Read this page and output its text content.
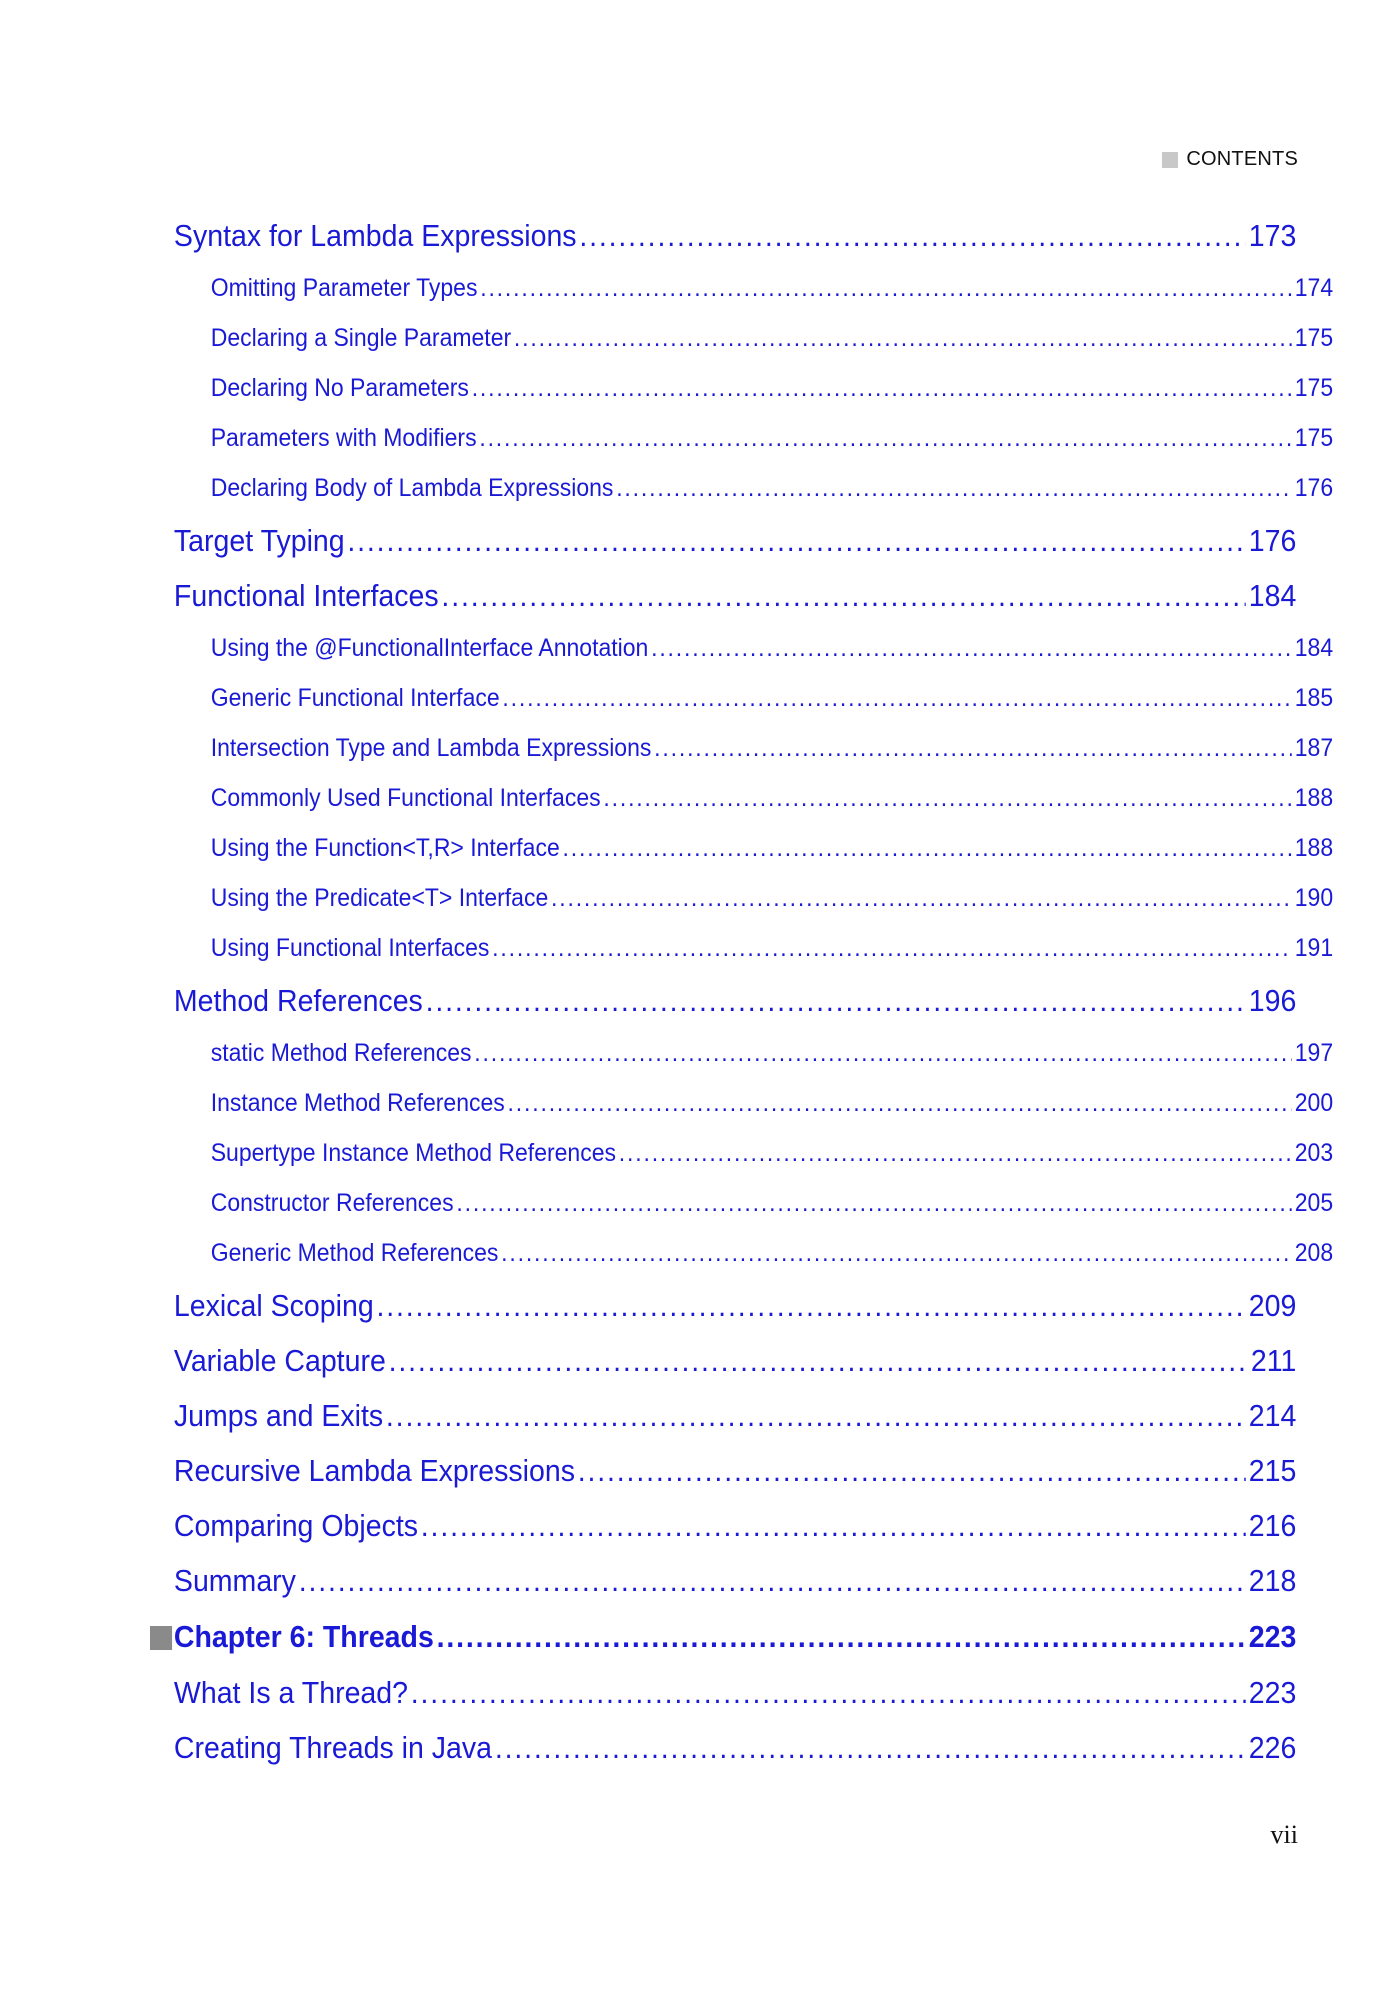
CONTENTS
Syntax for Lambda Expressions .....	173
Omitting Parameter Types .....	174
Declaring a Single Parameter .....	175
Declaring No Parameters .....	175
Parameters with Modifiers .....	175
Declaring Body of Lambda Expressions .....	176
Target Typing .....	176
Functional Interfaces .....	184
Using the @FunctionalInterface Annotation .....	184
Generic Functional Interface .....	185
Intersection Type and Lambda Expressions .....	187
Commonly Used Functional Interfaces .....	188
Using the Function<T,R> Interface .....	188
Using the Predicate<T> Interface .....	190
Using Functional Interfaces .....	191
Method References .....	196
static Method References .....	197
Instance Method References .....	200
Supertype Instance Method References .....	203
Constructor References .....	205
Generic Method References .....	208
Lexical Scoping .....	209
Variable Capture .....	211
Jumps and Exits .....	214
Recursive Lambda Expressions .....	215
Comparing Objects .....	216
Summary .....	218
Chapter 6: Threads .....	223
What Is a Thread? .....	223
Creating Threads in Java .....	226
vii
